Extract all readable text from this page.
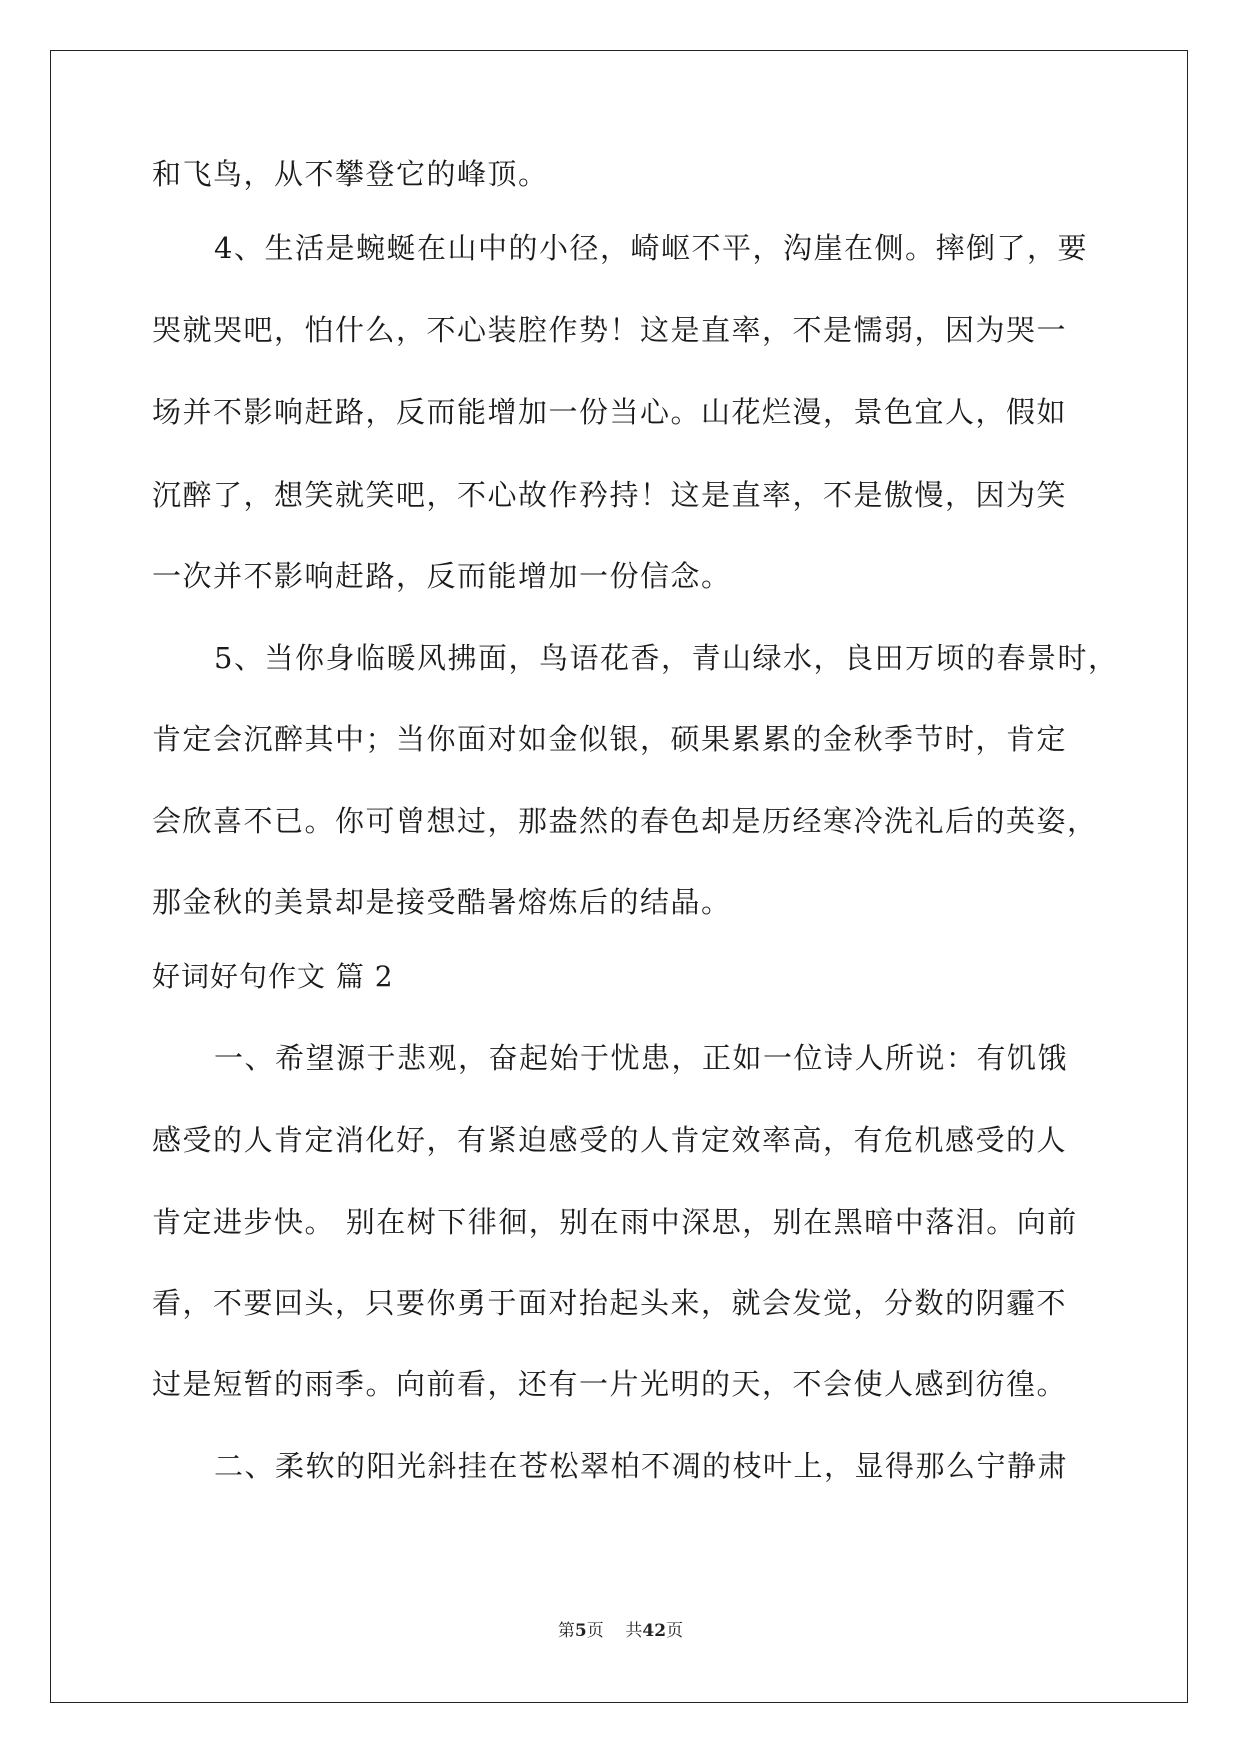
和飞鸟，从不攀登它的峰顶。
4、生活是蜿蜒在山中的小径，崎岖不平，沟崖在侧。摔倒了，要
哭就哭吧，怕什么，不心装腔作势！这是直率，不是懦弱，因为哭一
场并不影响赶路，反而能增加一份当心。山花烂漫，景色宜人，假如
沉醉了，想笑就笑吧，不心故作矜持！这是直率，不是傲慢，因为笑
一次并不影响赶路，反而能增加一份信念。
5、当你身临暖风拂面，鸟语花香，青山绿水，良田万顷的春景时，
肯定会沉醉其中；当你面对如金似银，硕果累累的金秋季节时，肯定
会欣喜不已。你可曾想过，那盎然的春色却是历经寒冷洗礼后的英姿，
那金秋的美景却是接受酷暑熔炼后的结晶。
好词好句作文 篇 2
一、希望源于悲观，奋起始于忧患，正如一位诗人所说：有饥饿
感受的人肯定消化好，有紧迫感受的人肯定效率高，有危机感受的人
肯定进步快。 别在树下徘徊，别在雨中深思，别在黑暗中落泪。向前
看，不要回头，只要你勇于面对抬起头来，就会发觉，分数的阴霾不
过是短暂的雨季。向前看，还有一片光明的天，不会使人感到彷徨。
二、柔软的阳光斜挂在苍松翠柏不凋的枝叶上，显得那么宁静肃
第5页 共42页
